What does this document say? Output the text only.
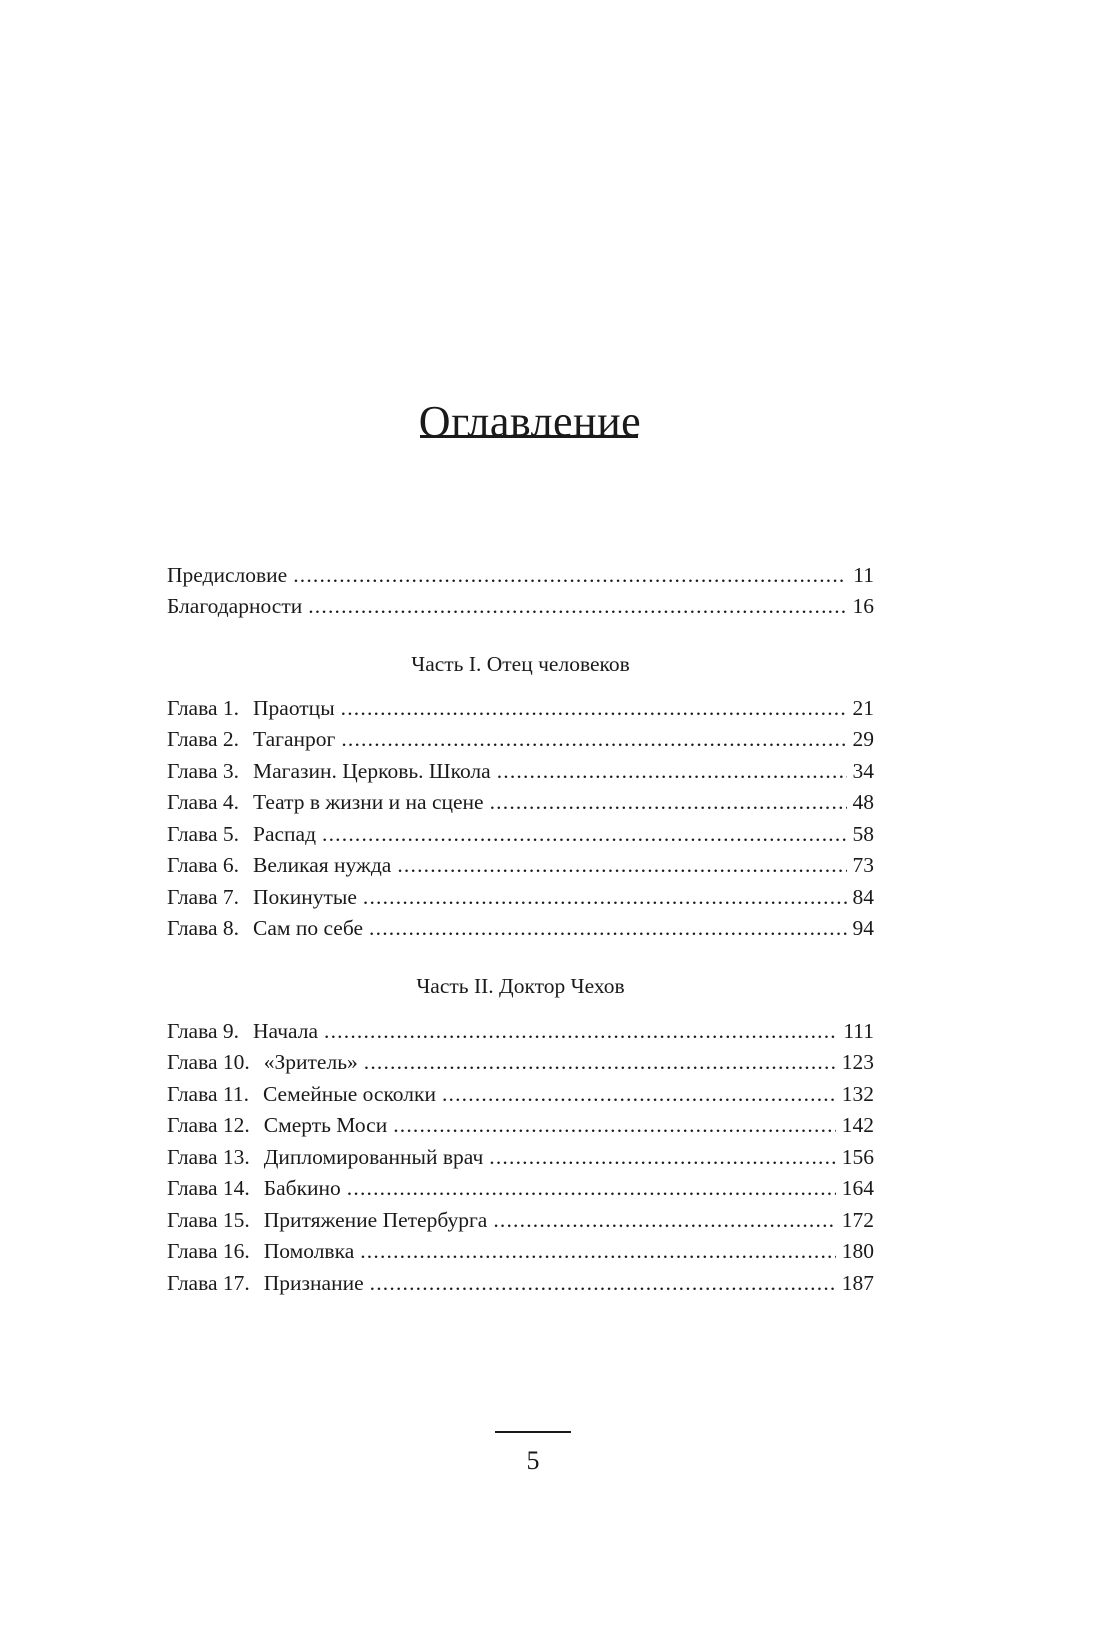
Оглавление
Предисловие .....	11
Благодарности .....	16
Часть I. Отец человеков
Глава 1. Праотцы .....	21
Глава 2. Таганрог .....	29
Глава 3. Магазин. Церковь. Школа .....	34
Глава 4. Театр в жизни и на сцене .....	48
Глава 5. Распад .....	58
Глава 6. Великая нужда .....	73
Глава 7. Покинутые .....	84
Глава 8. Сам по себе .....	94
Часть II. Доктор Чехов
Глава 9. Начала .....	111
Глава 10. «Зритель» .....	123
Глава 11. Семейные осколки .....	132
Глава 12. Смерть Моси .....	142
Глава 13. Дипломированный врач .....	156
Глава 14. Бабкино .....	164
Глава 15. Притяжение Петербурга .....	172
Глава 16. Помолвка .....	180
Глава 17. Признание .....	187
5
